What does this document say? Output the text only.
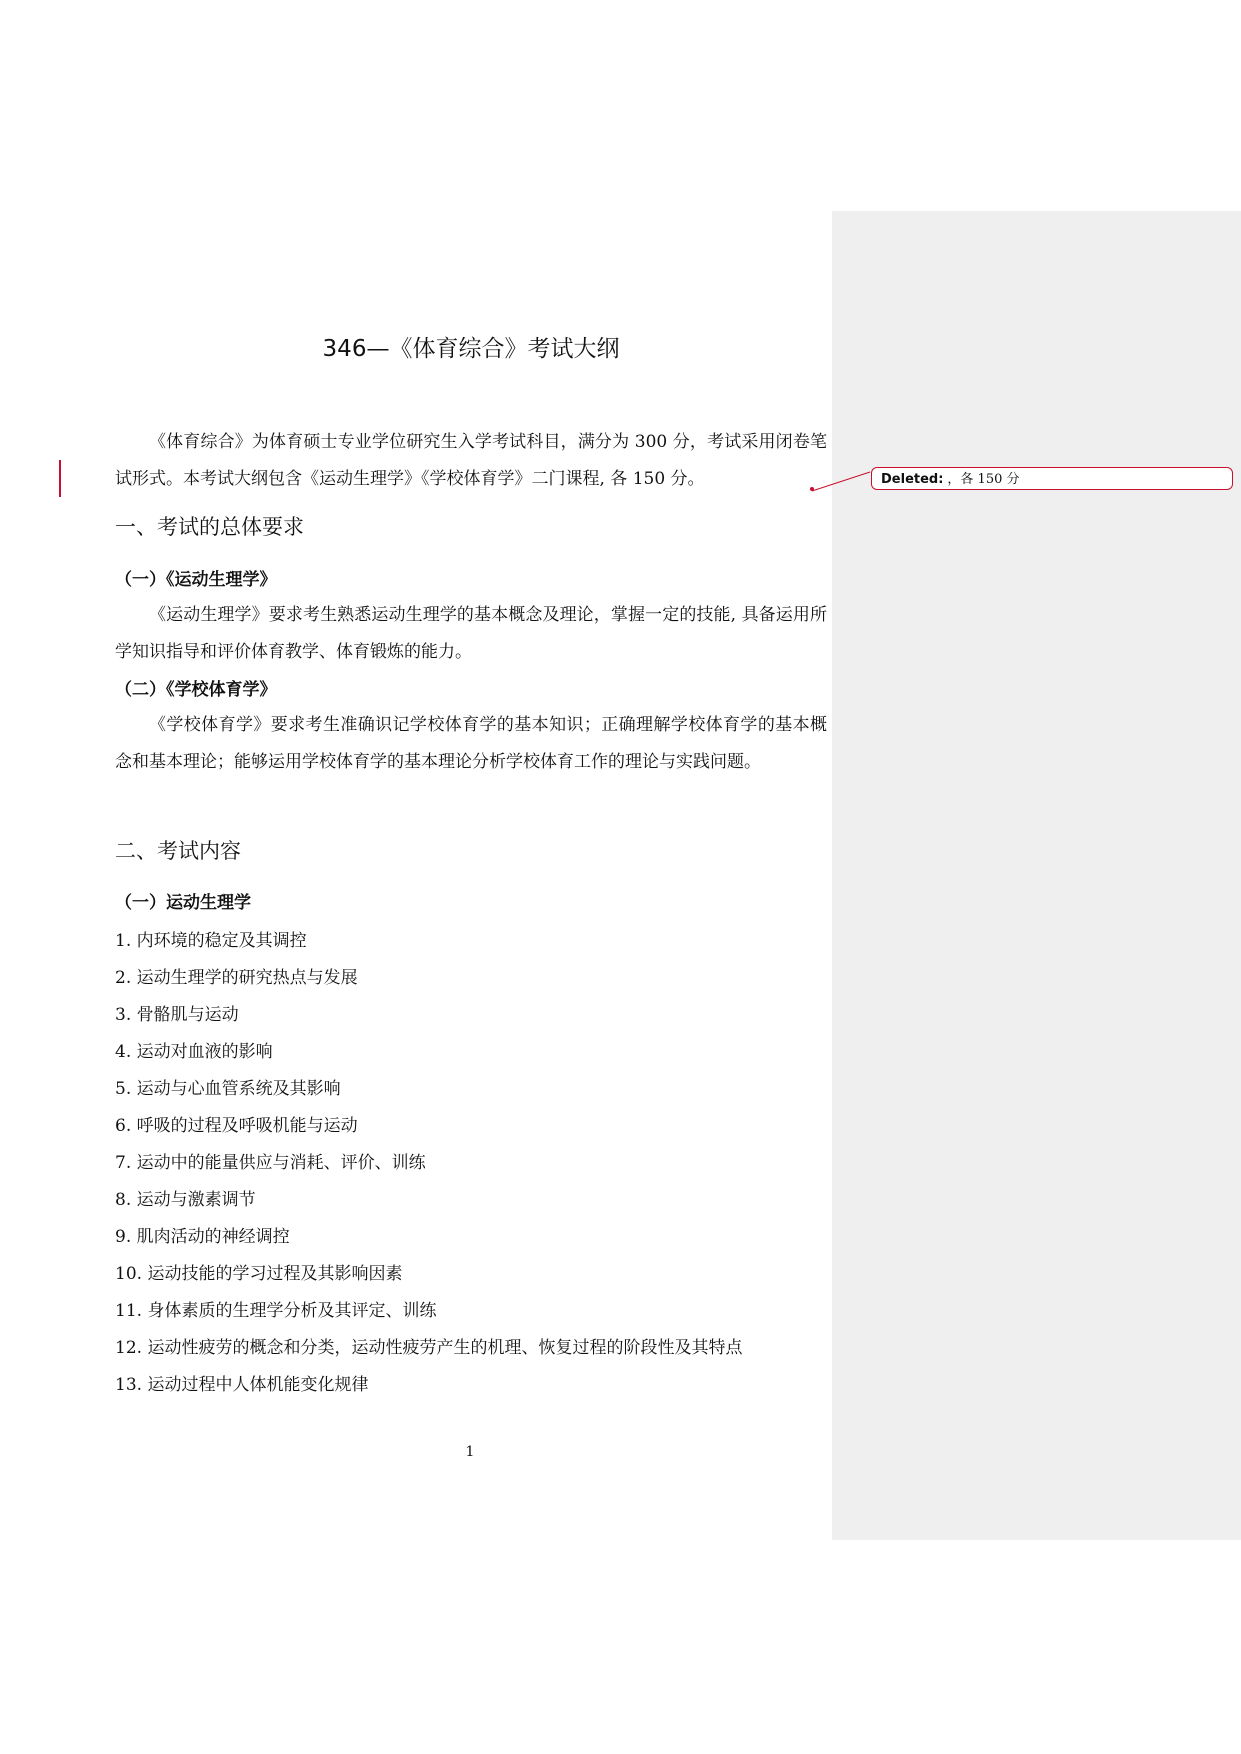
Deleted: ，各 150 分
346—《体育综合》考试大纲

《体育综合》为体育硕士专业学位研究生入学考试科目，满分为 300 分，考试采用闭卷笔试形式。本考试大纲包含《运动生理学》《学校体育学》二门课程, 各 150 分。

一、考试的总体要求
（一）《运动生理学》

《运动生理学》要求考生熟悉运动生理学的基本概念及理论，掌握一定的技能, 具备运用所学知识指导和评价体育教学、体育锻炼的能力。

（二）《学校体育学》

《学校体育学》要求考生准确识记学校体育学的基本知识；正确理解学校体育学的基本概念和基本理论；能够运用学校体育学的基本理论分析学校体育工作的理论与实践问题。

二、考试内容
（一）运动生理学
1. 内环境的稳定及其调控
2. 运动生理学的研究热点与发展
3. 骨骼肌与运动
4. 运动对血液的影响
5. 运动与心血管系统及其影响
6. 呼吸的过程及呼吸机能与运动
7. 运动中的能量供应与消耗、评价、训练
8. 运动与激素调节
9. 肌肉活动的神经调控
10. 运动技能的学习过程及其影响因素
11. 身体素质的生理学分析及其评定、训练
12. 运动性疲劳的概念和分类，运动性疲劳产生的机理、恢复过程的阶段性及其特点
13. 运动过程中人体机能变化规律
1
